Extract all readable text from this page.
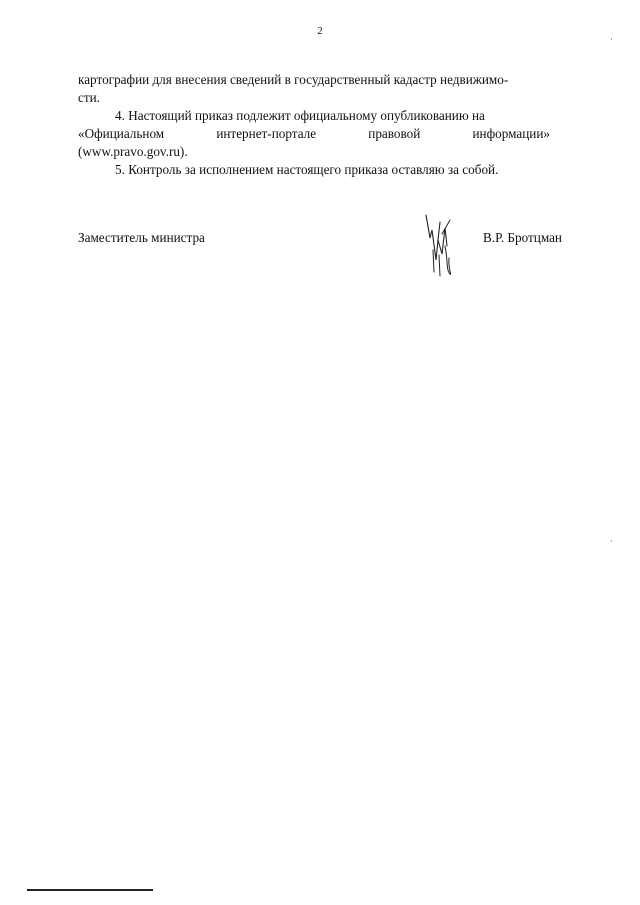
2

картографии для внесения сведений в государственный кадастр недвижимо-

сти.

4. Настоящий приказ подлежит официальному опубликованию на

«Официальном	интернет-портале	правовой	информации»

(www.pravo.gov.ru).

5. Контроль за исполнением настоящего приказа оставляю за собой.

Заместитель министра	В.Р. Бротцман
